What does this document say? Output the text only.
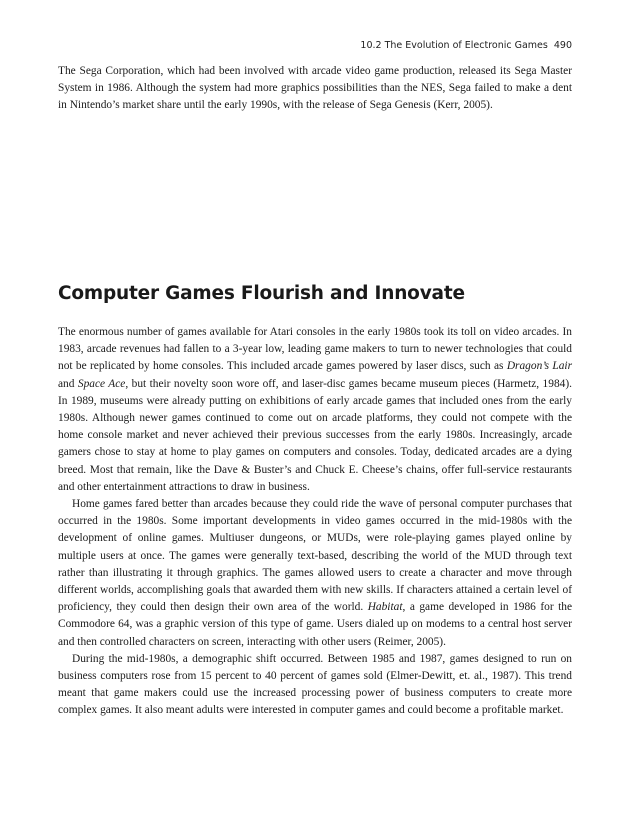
10.2 The Evolution of Electronic Games 490

The Sega Corporation, which had been involved with arcade video game production, released its Sega Master System in 1986. Although the system had more graphics possibilities than the NES, Sega failed to make a dent in Nintendo’s market share until the early 1990s, with the release of Sega Genesis (Kerr, 2005).

Computer Games Flourish and Innovate

The enormous number of games available for Atari consoles in the early 1980s took its toll on video arcades. In 1983, arcade revenues had fallen to a 3-year low, leading game makers to turn to newer technologies that could not be replicated by home consoles. This included arcade games powered by laser discs, such as Dragon’s Lair and Space Ace, but their novelty soon wore off, and laser-disc games became museum pieces (Harmetz, 1984). In 1989, museums were already putting on exhibitions of early arcade games that included ones from the early 1980s. Although newer games continued to come out on arcade platforms, they could not compete with the home console market and never achieved their previous successes from the early 1980s. Increasingly, arcade gamers chose to stay at home to play games on computers and consoles. Today, dedicated arcades are a dying breed. Most that remain, like the Dave & Buster’s and Chuck E. Cheese’s chains, offer full-service restaurants and other entertainment attractions to draw in business.

Home games fared better than arcades because they could ride the wave of personal computer purchases that occurred in the 1980s. Some important developments in video games occurred in the mid-1980s with the development of online games. Multiuser dungeons, or MUDs, were role-playing games played online by multiple users at once. The games were generally text-based, describing the world of the MUD through text rather than illustrating it through graphics. The games allowed users to create a character and move through different worlds, accomplishing goals that awarded them with new skills. If characters attained a certain level of proficiency, they could then design their own area of the world. Habitat, a game developed in 1986 for the Commodore 64, was a graphic version of this type of game. Users dialed up on modems to a central host server and then controlled characters on screen, interacting with other users (Reimer, 2005).

During the mid-1980s, a demographic shift occurred. Between 1985 and 1987, games designed to run on business computers rose from 15 percent to 40 percent of games sold (Elmer-Dewitt, et. al., 1987). This trend meant that game makers could use the increased processing power of business computers to create more complex games. It also meant adults were interested in computer games and could become a profitable market.
